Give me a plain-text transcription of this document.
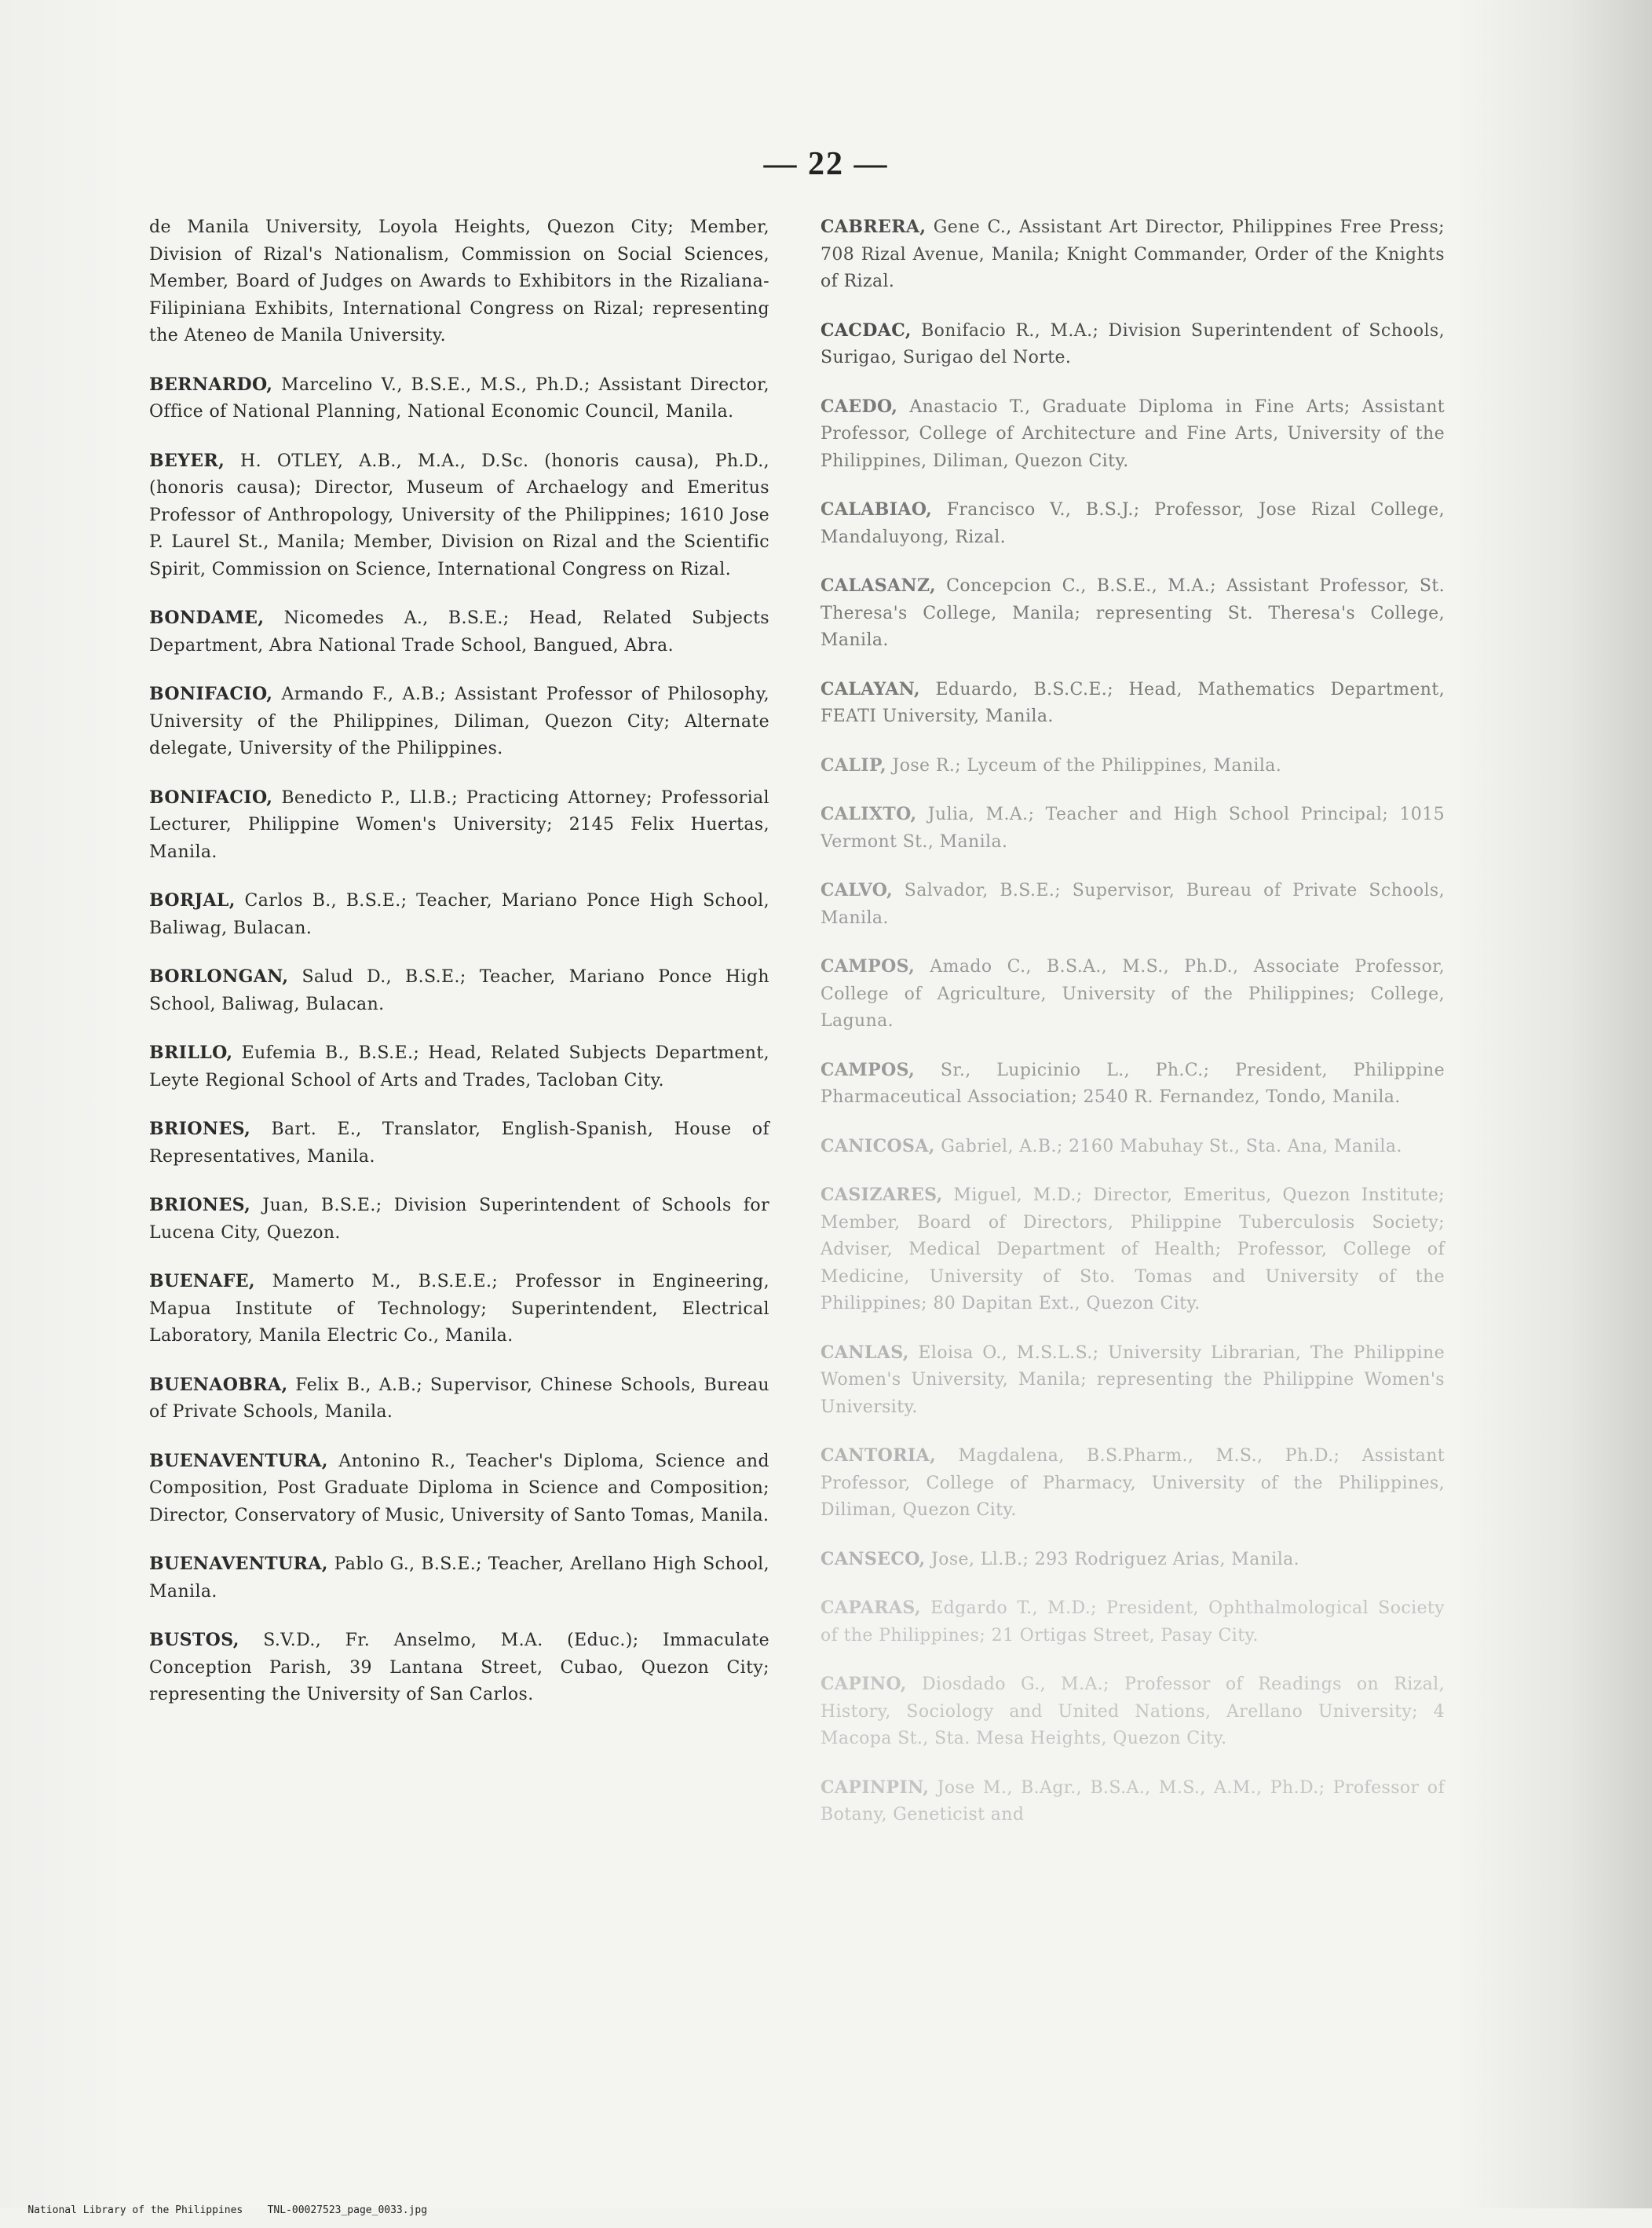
— 22 —

de Manila University, Loyola Heights, Quezon City; Member, Division of Rizal's Nationalism, Commission on Social Sciences, Member, Board of Judges on Awards to Exhibitors in the Rizaliana-Filipiniana Exhibits, International Congress on Rizal; representing the Ateneo de Manila University.

BERNARDO, Marcelino V., B.S.E., M.S., Ph.D.; Assistant Director, Office of National Planning, National Economic Council, Manila.

BEYER, H. OTLEY, A.B., M.A., D.Sc. (honoris causa), Ph.D., (honoris causa); Director, Museum of Archaelogy and Emeritus Professor of Anthropology, University of the Philippines; 1610 Jose P. Laurel St., Manila; Member, Division on Rizal and the Scientific Spirit, Commission on Science, International Congress on Rizal.

BONDAME, Nicomedes A., B.S.E.; Head, Related Subjects Department, Abra National Trade School, Bangued, Abra.

BONIFACIO, Armando F., A.B.; Assistant Professor of Philosophy, University of the Philippines, Diliman, Quezon City; Alternate delegate, University of the Philippines.

BONIFACIO, Benedicto P., Ll.B.; Practicing Attorney; Professorial Lecturer, Philippine Women's University; 2145 Felix Huertas, Manila.

BORJAL, Carlos B., B.S.E.; Teacher, Mariano Ponce High School, Baliwag, Bulacan.

BORLONGAN, Salud D., B.S.E.; Teacher, Mariano Ponce High School, Baliwag, Bulacan.

BRILLO, Eufemia B., B.S.E.; Head, Related Subjects Department, Leyte Regional School of Arts and Trades, Tacloban City.

BRIONES, Bart. E., Translator, English-Spanish, House of Representatives, Manila.

BRIONES, Juan, B.S.E.; Division Superintendent of Schools for Lucena City, Quezon.

BUENAFE, Mamerto M., B.S.E.E.; Professor in Engineering, Mapua Institute of Technology; Superintendent, Electrical Laboratory, Manila Electric Co., Manila.

BUENAOBRA, Felix B., A.B.; Supervisor, Chinese Schools, Bureau of Private Schools, Manila.

BUENAVENTURA, Antonino R., Teacher's Diploma, Science and Composition, Post Graduate Diploma in Science and Composition; Director, Conservatory of Music, University of Santo Tomas, Manila.

BUENAVENTURA, Pablo G., B.S.E.; Teacher, Arellano High School, Manila.

BUSTOS, S.V.D., Fr. Anselmo, M.A. (Educ.); Immaculate Conception Parish, 39 Lantana Street, Cubao, Quezon City; representing the University of San Carlos.

CABRERA, Gene C., Assistant Art Director, Philippines Free Press; 708 Rizal Avenue, Manila; Knight Commander, Order of the Knights of Rizal.

CACDAC, Bonifacio R., M.A.; Division Superintendent of Schools, Surigao, Surigao del Norte.

CAEDO, Anastacio T., Graduate Diploma in Fine Arts; Assistant Professor, College of Architecture and Fine Arts, University of the Philippines, Diliman, Quezon City.

CALABIAO, Francisco V., B.S.J.; Professor, Jose Rizal College, Mandaluyong, Rizal.

CALASANZ, Concepcion C., B.S.E., M.A.; Assistant Professor, St. Theresa's College, Manila; representing St. Theresa's College, Manila.

CALAYAN, Eduardo, B.S.C.E.; Head, Mathematics Department, FEATI University, Manila.

CALIP, Jose R.; Lyceum of the Philippines, Manila.

CALIXTO, Julia, M.A.; Teacher and High School Principal; 1015 Vermont St., Manila.

CALVO, Salvador, B.S.E.; Supervisor, Bureau of Private Schools, Manila.

CAMPOS, Amado C., B.S.A., M.S., Ph.D., Associate Professor, College of Agriculture, University of the Philippines; College, Laguna.

CAMPOS, Sr., Lupicinio L., Ph.C.; President, Philippine Pharmaceutical Association; 2540 R. Fernandez, Tondo, Manila.

CANICOSA, Gabriel, A.B.; 2160 Mabuhay St., Sta. Ana, Manila.

CASIZARES, Miguel, M.D.; Director, Emeritus, Quezon Institute; Member, Board of Directors, Philippine Tuberculosis Society; Adviser, Medical Department of Health; Professor, College of Medicine, University of Sto. Tomas and University of the Philippines; 80 Dapitan Ext., Quezon City.

CANLAS, Eloisa O., M.S.L.S.; University Librarian, The Philippine Women's University, Manila; representing the Philippine Women's University.

CANTORIA, Magdalena, B.S.Pharm., M.S., Ph.D.; Assistant Professor, College of Pharmacy, University of the Philippines, Diliman, Quezon City.

CANSECO, Jose, Ll.B.; 293 Rodriguez Arias, Manila.

CAPARAS, Edgardo T., M.D.; President, Ophthalmological Society of the Philippines; 21 Ortigas Street, Pasay City.

CAPINO, Diosdado G., M.A.; Professor of Readings on Rizal, History, Sociology and United Nations, Arellano University; 4 Macopa St., Sta. Mesa Heights, Quezon City.

CAPINPIN, Jose M., B.Agr., B.S.A., M.S., A.M., Ph.D.; Professor of Botany, Geneticist and

National Library of the Philippines TNL-00027523_page_0033.jpg
